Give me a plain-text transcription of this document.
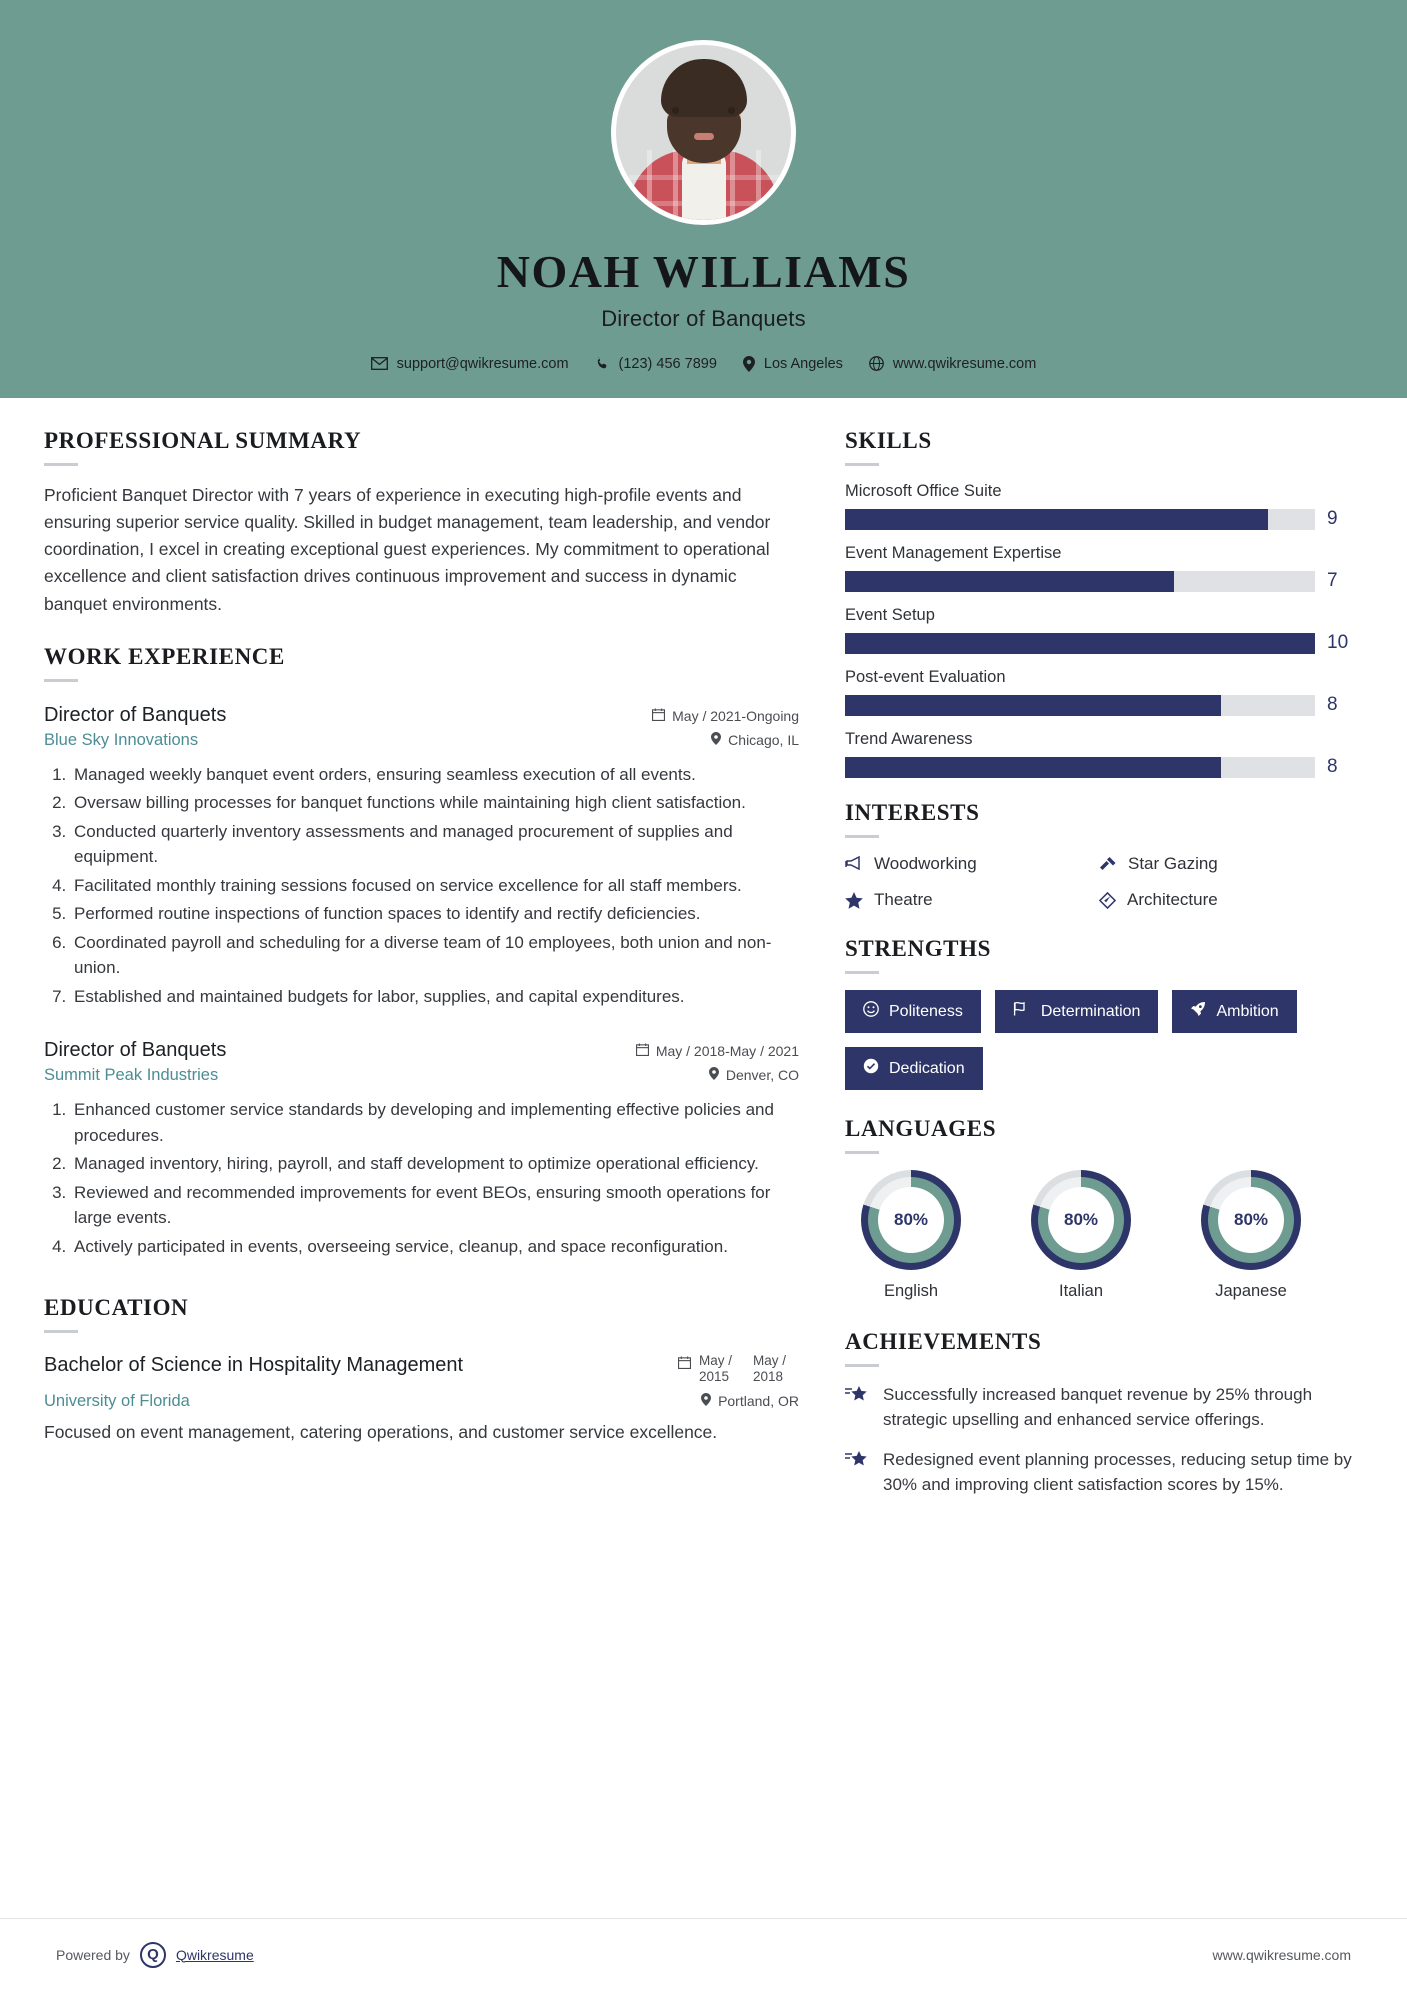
NOAH WILLIAMS
Director of Banquets
support@qwikresume.com	(123) 456 7899	Los Angeles	www.qwikresume.com
PROFESSIONAL SUMMARY
Proficient Banquet Director with 7 years of experience in executing high-profile events and ensuring superior service quality. Skilled in budget management, team leadership, and vendor coordination, I excel in creating exceptional guest experiences. My commitment to operational excellence and client satisfaction drives continuous improvement and success in dynamic banquet environments.
WORK EXPERIENCE
Director of Banquets	May / 2021-Ongoing
Blue Sky Innovations	Chicago, IL
1. Managed weekly banquet event orders, ensuring seamless execution of all events.
2. Oversaw billing processes for banquet functions while maintaining high client satisfaction.
3. Conducted quarterly inventory assessments and managed procurement of supplies and equipment.
4. Facilitated monthly training sessions focused on service excellence for all staff members.
5. Performed routine inspections of function spaces to identify and rectify deficiencies.
6. Coordinated payroll and scheduling for a diverse team of 10 employees, both union and non-union.
7. Established and maintained budgets for labor, supplies, and capital expenditures.
Director of Banquets	May / 2018-May / 2021
Summit Peak Industries	Denver, CO
1. Enhanced customer service standards by developing and implementing effective policies and procedures.
2. Managed inventory, hiring, payroll, and staff development to optimize operational efficiency.
3. Reviewed and recommended improvements for event BEOs, ensuring smooth operations for large events.
4. Actively participated in events, overseeing service, cleanup, and space reconfiguration.
EDUCATION
Bachelor of Science in Hospitality Management	May / 2015
May / 2018
University of Florida	Portland, OR
Focused on event management, catering operations, and customer service excellence.
SKILLS
Microsoft Office Suite
9
Event Management Expertise
7
Event Setup
10
Post-event Evaluation
8
Trend Awareness
8
INTERESTS
Woodworking	Star Gazing
Theatre	Architecture
STRENGTHS
Politeness	Determination	Ambition
Dedication
LANGUAGES
80%
English
80%
Italian
80%
Japanese
ACHIEVEMENTS
Successfully increased banquet revenue by 25% through strategic upselling and enhanced service offerings.
Redesigned event planning processes, reducing setup time by 30% and improving client satisfaction scores by 15%.
Powered by	Q	Qwikresume	www.qwikresume.com
